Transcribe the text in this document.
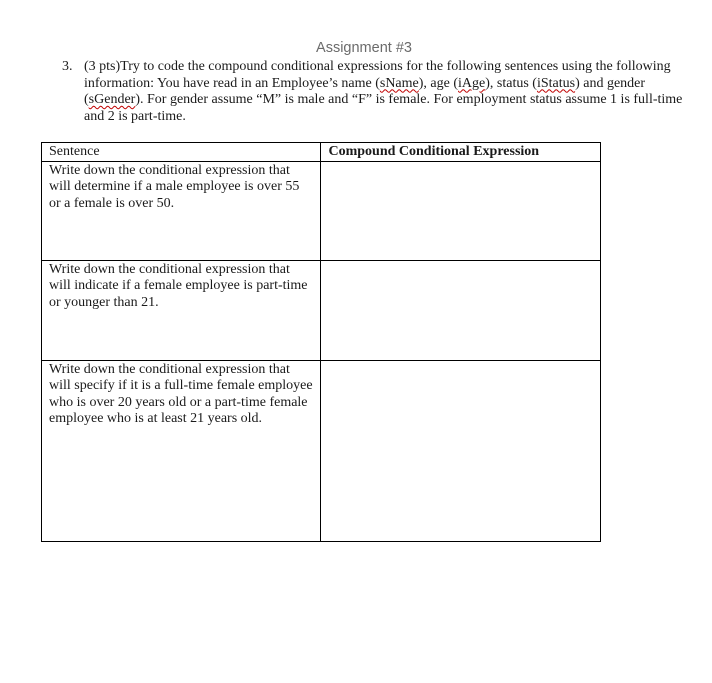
Assignment #3
3. (3 pts)Try to code the compound conditional expressions for the following sentences using the following information: You have read in an Employee’s name (sName), age (iAge), status (iStatus) and gender (sGender). For gender assume “M” is male and “F” is female. For employment status assume 1 is full-time and 2 is part-time.
Sentence	Compound Conditional Expression
Write down the conditional expression that will determine if a male employee is over 55 or a female is over 50.	
Write down the conditional expression that will indicate if a female employee is part-time or younger than 21.	
Write down the conditional expression that will specify if it is a full-time female employee who is over 20 years old or a part-time female employee who is at least 21 years old.	
